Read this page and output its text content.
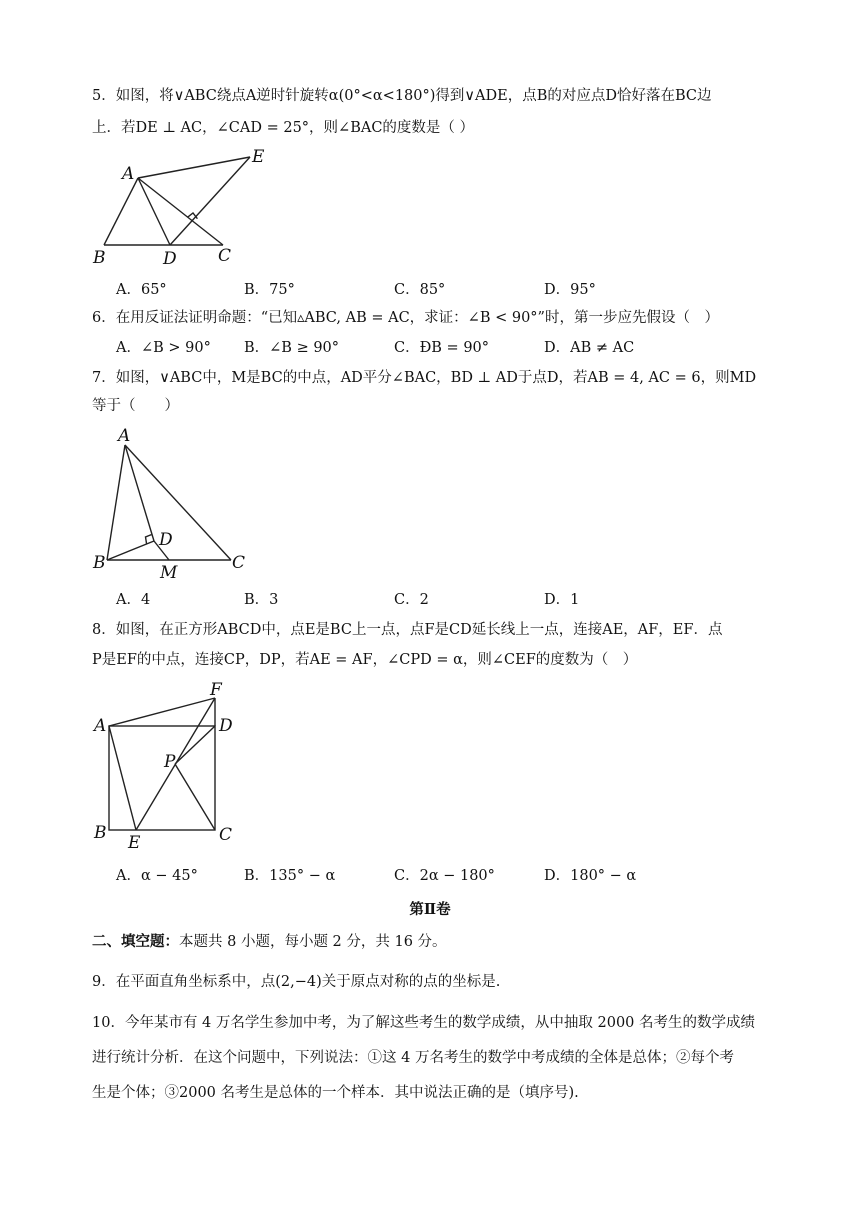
5．如图，将∨ABC绕点A逆时针旋转α(0°<α<180°)得到∨ADE，点B的对应点D恰好落在BC边
上．若DE ⊥ AC，∠CAD = 25°，则∠BAC的度数是（ ）
A
E
B	D C
A．65°	B．75°	C．85°	D．95°
6．在用反证法证明命题：“已知▵ABC, AB = AC，求证：∠B < 90°”时，第一步应先假设（　）
A．∠B > 90° B．∠B ≥ 90°	C．ÐB = 90°	D．AB ≠ AC
7．如图，∨ABC中，M是BC的中点，AD平分∠BAC，BD ⊥ AD于点D，若AB = 4, AC = 6，则MD
等于（　　）
A
B
D
M	C
A．4	B．3	C．2	D．1
8．如图，在正方形ABCD中，点E是BC上一点，点F是CD延长线上一点，连接AE，AF，EF．点
P是EF的中点，连接CP，DP，若AE = AF，∠CPD = α，则∠CEF的度数为（　）
F
A	D
P
B E	C
A．α − 45°	B．135° − α	C．2α − 180°	D．180° − α
第Ⅱ卷
二、填空题：本题共 8 小题，每小题 2 分，共 16 分。
9．在平面直角坐标系中，点(2,−4)关于原点对称的点的坐标是.
10．今年某市有 4 万名学生参加中考，为了解这些考生的数学成绩，从中抽取 2000 名考生的数学成绩
进行统计分析．在这个问题中，下列说法：①这 4 万名考生的数学中考成绩的全体是总体；②每个考
生是个体；③2000 名考生是总体的一个样本．其中说法正确的是（填序号).
